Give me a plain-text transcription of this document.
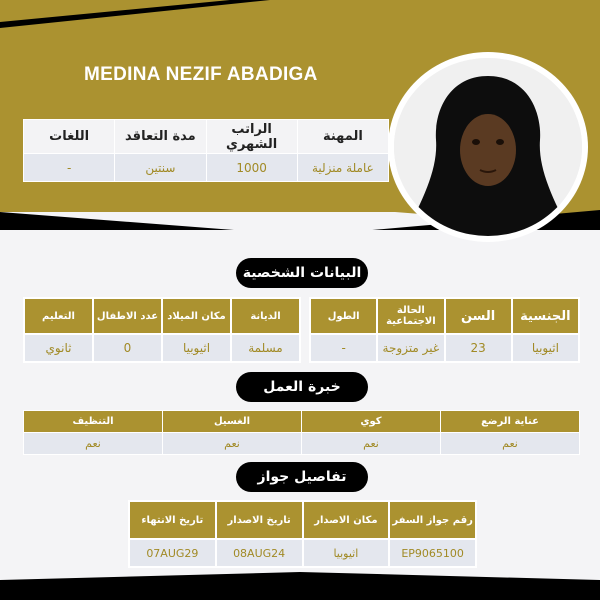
MEDINA NEZIF ABADIGA
المهنة	الراتب الشهري	مدة التعاقد	اللغات
عاملة منزلية	1000	سنتين	-
البيانات الشخصية
الجنسية	السن	الحالة الاجتماعية	الطول
اثيوبيا	23	غير متزوجة	-
الديانة	مكان الميلاد	عدد الاطفال	التعليم
مسلمة	اثيوبيا	0	ثانوي
خبرة العمل
عناية الرضع	كوي	الغسيل	التنظيف
نعم	نعم	نعم	نعم
تفاصيل جواز
رقم جواز السفر	مكان الاصدار	تاريخ الاصدار	تاريخ الانتهاء
EP9065100	اثيوبيا	08AUG24	07AUG29
